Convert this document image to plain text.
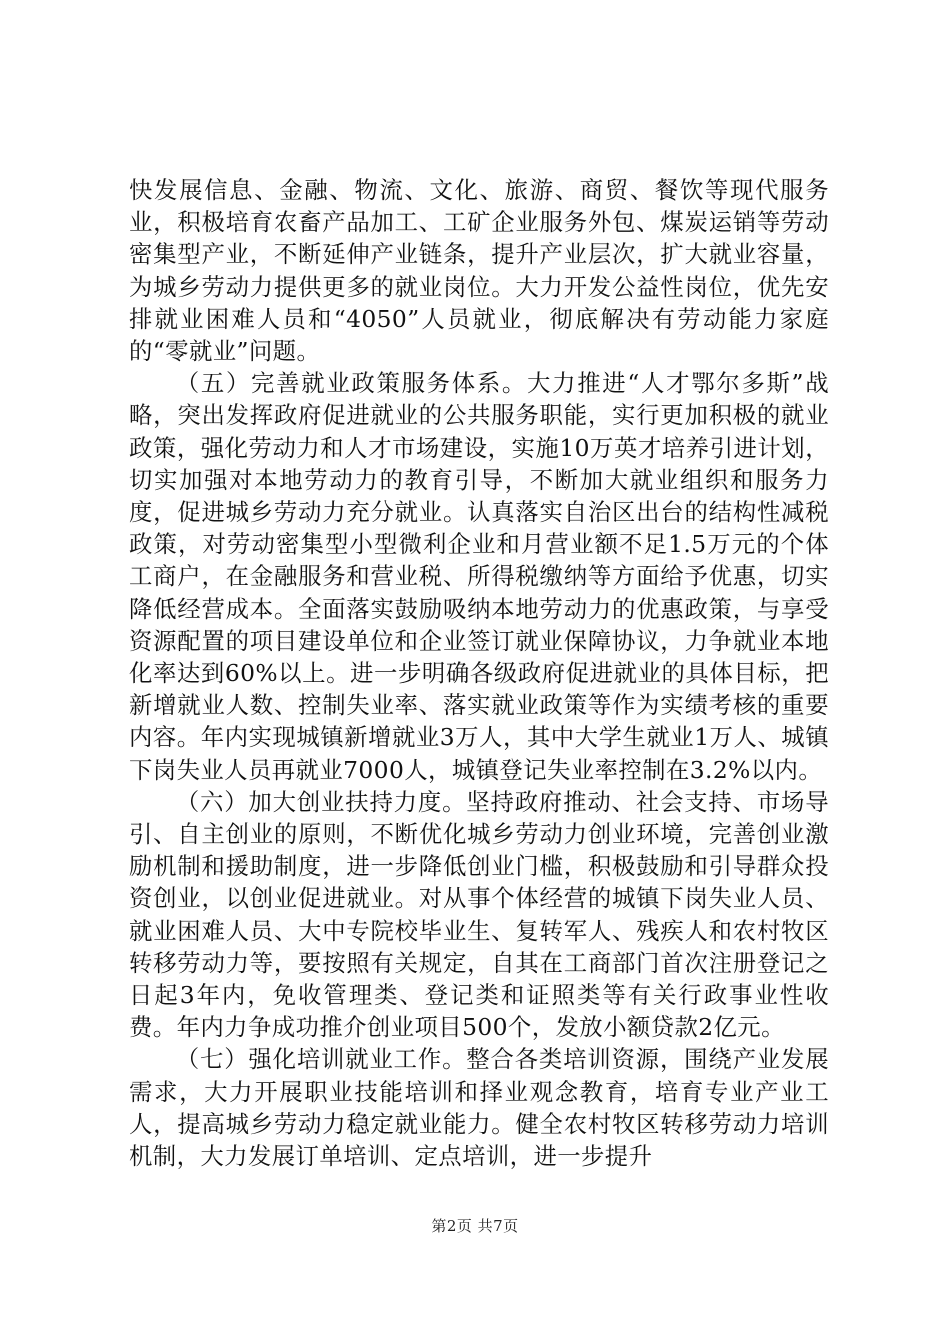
快发展信息、金融、物流、文化、旅游、商贸、餐饮等现代服务业，积极培育农畜产品加工、工矿企业服务外包、煤炭运销等劳动密集型产业，不断延伸产业链条，提升产业层次，扩大就业容量，为城乡劳动力提供更多的就业岗位。大力开发公益性岗位，优先安排就业困难人员和“4050”人员就业，彻底解决有劳动能力家庭的“零就业”问题。

（五）完善就业政策服务体系。大力推进“人才鄂尔多斯”战略，突出发挥政府促进就业的公共服务职能，实行更加积极的就业政策，强化劳动力和人才市场建设，实施10万英才培养引进计划，切实加强对本地劳动力的教育引导，不断加大就业组织和服务力度，促进城乡劳动力充分就业。认真落实自治区出台的结构性减税政策，对劳动密集型小型微利企业和月营业额不足1.5万元的个体工商户，在金融服务和营业税、所得税缴纳等方面给予优惠，切实降低经营成本。全面落实鼓励吸纳本地劳动力的优惠政策，与享受资源配置的项目建设单位和企业签订就业保障协议，力争就业本地化率达到60%以上。进一步明确各级政府促进就业的具体目标，把新增就业人数、控制失业率、落实就业政策等作为实绩考核的重要内容。年内实现城镇新增就业3万人，其中大学生就业1万人、城镇下岗失业人员再就业7000人，城镇登记失业率控制在3.2%以内。

（六）加大创业扶持力度。坚持政府推动、社会支持、市场导引、自主创业的原则，不断优化城乡劳动力创业环境，完善创业激励机制和援助制度，进一步降低创业门槛，积极鼓励和引导群众投资创业，以创业促进就业。对从事个体经营的城镇下岗失业人员、就业困难人员、大中专院校毕业生、复转军人、残疾人和农村牧区转移劳动力等，要按照有关规定，自其在工商部门首次注册登记之日起3年内，免收管理类、登记类和证照类等有关行政事业性收费。年内力争成功推介创业项目500个，发放小额贷款2亿元。

（七）强化培训就业工作。整合各类培训资源，围绕产业发展需求，大力开展职业技能培训和择业观念教育，培育专业产业工人，提高城乡劳动力稳定就业能力。健全农村牧区转移劳动力培训机制，大力发展订单培训、定点培训，进一步提升

第2页 共7页
